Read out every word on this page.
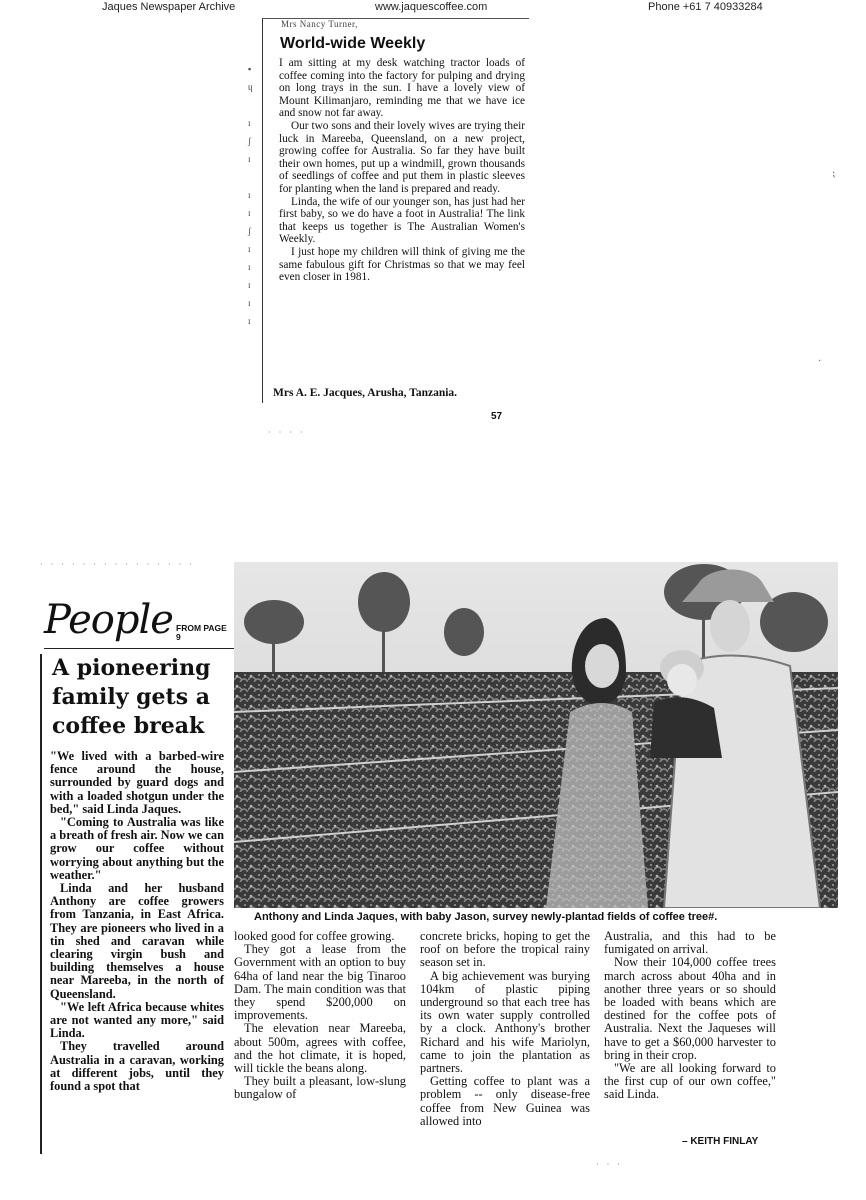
Jaques Newspaper Archive	www.jaquescoffee.com	Phone +61 7 40933284
▪
ɥ

ɪ
ʃ
ɪ

ɪ
ɪ
ʃ
ɪ
ɪ
ɪ
ɪ
ɪ
Mrs Nancy Turner,
World-wide Weekly

I am sitting at my desk watching tractor loads of coffee coming into the factory for pulping and drying on long trays in the sun. I have a lovely view of Mount Kilimanjaro, reminding me that we have ice and snow not far away.

Our two sons and their lovely wives are trying their luck in Mareeba, Queensland, on a new project, growing coffee for Australia. So far they have built their own homes, put up a windmill, grown thousands of seedlings of coffee and put them in plastic sleeves for planting when the land is prepared and ready.

Linda, the wife of our younger son, has just had her first baby, so we do have a foot in Australia! The link that keeps us together is The Australian Women's Weekly.

I just hope my children will think of giving me the same fabulous gift for Christmas so that we may feel even closer in 1981.

Mrs A. E. Jacques, Arusha, Tanzania.
57
⁏
·
· · · ·
· · · · · · · · · · · · · · ·
People FROM PAGE 9
A pioneering family gets a coffee break

"We lived with a barbed-wire fence around the house, surrounded by guard dogs and with a loaded shotgun under the bed," said Linda Jaques.

"Coming to Australia was like a breath of fresh air. Now we can grow our coffee without worrying about anything but the weather."

Linda and her husband Anthony are coffee growers from Tanzania, in East Africa. They are pioneers who lived in a tin shed and caravan while clearing virgin bush and building themselves a house near Mareeba, in the north of Queensland.

"We left Africa because whites are not wanted any more," said Linda.

They travelled around Australia in a caravan, working at different jobs, until they found a spot that

Anthony and Linda Jaques, with baby Jason, survey newly-plantad fields of coffee tree#.

looked good for coffee growing.

They got a lease from the Government with an option to buy 64ha of land near the big Tinaroo Dam. The main condition was that they spend $200,000 on improvements.

The elevation near Mareeba, about 500m, agrees with coffee, and the hot climate, it is hoped, will tickle the beans along.

They built a pleasant, low-slung bungalow of

concrete bricks, hoping to get the roof on before the tropical rainy season set in.

A big achievement was burying 104km of plastic piping underground so that each tree has its own water supply controlled by a clock. Anthony's brother Richard and his wife Mariolyn, came to join the plantation as partners.

Getting coffee to plant was a problem -- only disease-free coffee from New Guinea was allowed into

Australia, and this had to be fumigated on arrival.

Now their 104,000 coffee trees march across about 40ha and in another three years or so should be loaded with beans which are destined for the coffee pots of Australia. Next the Jaqueses will have to get a $60,000 harvester to bring in their crop.

"We are all looking forward to the first cup of our own coffee," said Linda.

– KEITH FINLAY
· · ·
